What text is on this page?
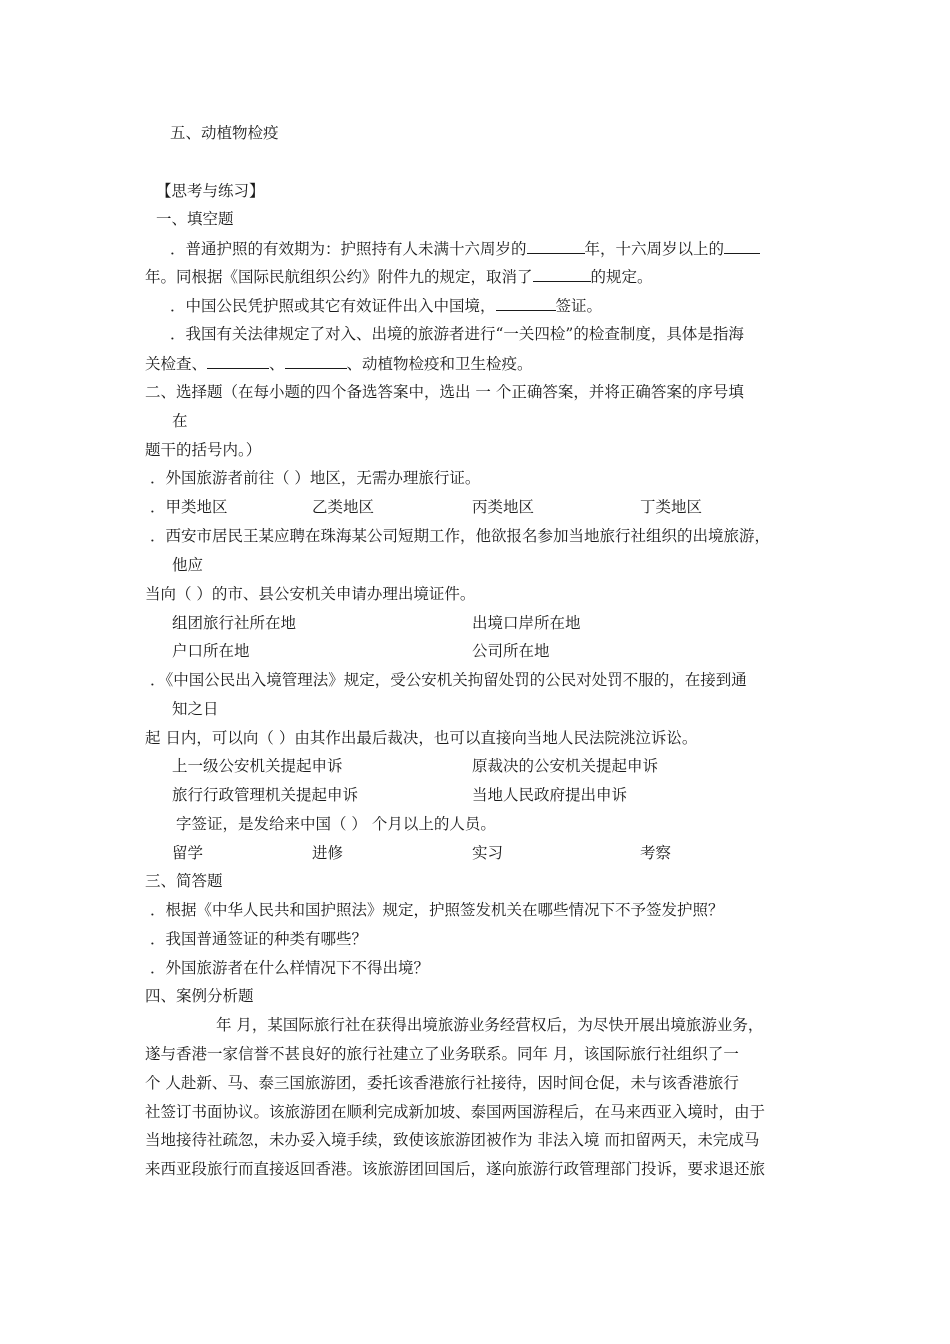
五、动植物检疫
【思考与练习】
一、填空题
．普通护照的有效期为：护照持有人未满十六周岁的	年，十六周岁以上的
年。同根据《国际民航组织公约》附件九的规定，取消了	的规定。
．中国公民凭护照或其它有效证件出入中国境，	签证。
．我国有关法律规定了对入、出境的旅游者进行“一关四检”的检查制度，具体是指海
关检查、	、	、动植物检疫和卫生检疫。
二、选择题（在每小题的四个备选答案中，选出 一 个正确答案，并将正确答案的序号填
在
题干的括号内。）
．外国旅游者前往（ ）地区，无需办理旅行证。
．甲类地区	乙类地区	丙类地区	丁类地区
．西安市居民王某应聘在珠海某公司短期工作，他欲报名参加当地旅行社组织的出境旅游，
他应
当向（ ）的市、县公安机关申请办理出境证件。
组团旅行社所在地	出境口岸所在地
户口所在地	公司所在地
．《中国公民出入境管理法》规定，受公安机关拘留处罚的公民对处罚不服的，在接到通
知之日
起 日内，可以向（ ）由其作出最后裁决，也可以直接向当地人民法院洮泣诉讼。
上一级公安机关提起申诉	原裁决的公安机关提起申诉
旅行行政管理机关提起申诉	当地人民政府提出申诉
字签证，是发给来中国（ ） 个月以上的人员。
留学	进修	实习	考察
三、简答题
．根据《中华人民共和国护照法》规定，护照签发机关在哪些情况下不予签发护照？
．我国普通签证的种类有哪些？
．外国旅游者在什么样情况下不得出境？
四、案例分析题
年 月，某国际旅行社在获得出境旅游业务经营权后，为尽快开展出境旅游业务，
遂与香港一家信誉不甚良好的旅行社建立了业务联系。同年 月，该国际旅行社组织了一
个 人赴新、马、泰三国旅游团，委托该香港旅行社接待，因时间仓促，未与该香港旅行
社签订书面协议。该旅游团在顺利完成新加坡、泰国两国游程后，在马来西亚入境时，由于
当地接待社疏忽，未办妥入境手续，致使该旅游团被作为 非法入境 而扣留两天，未完成马
来西亚段旅行而直接返回香港。该旅游团回国后，遂向旅游行政管理部门投诉，要求退还旅
